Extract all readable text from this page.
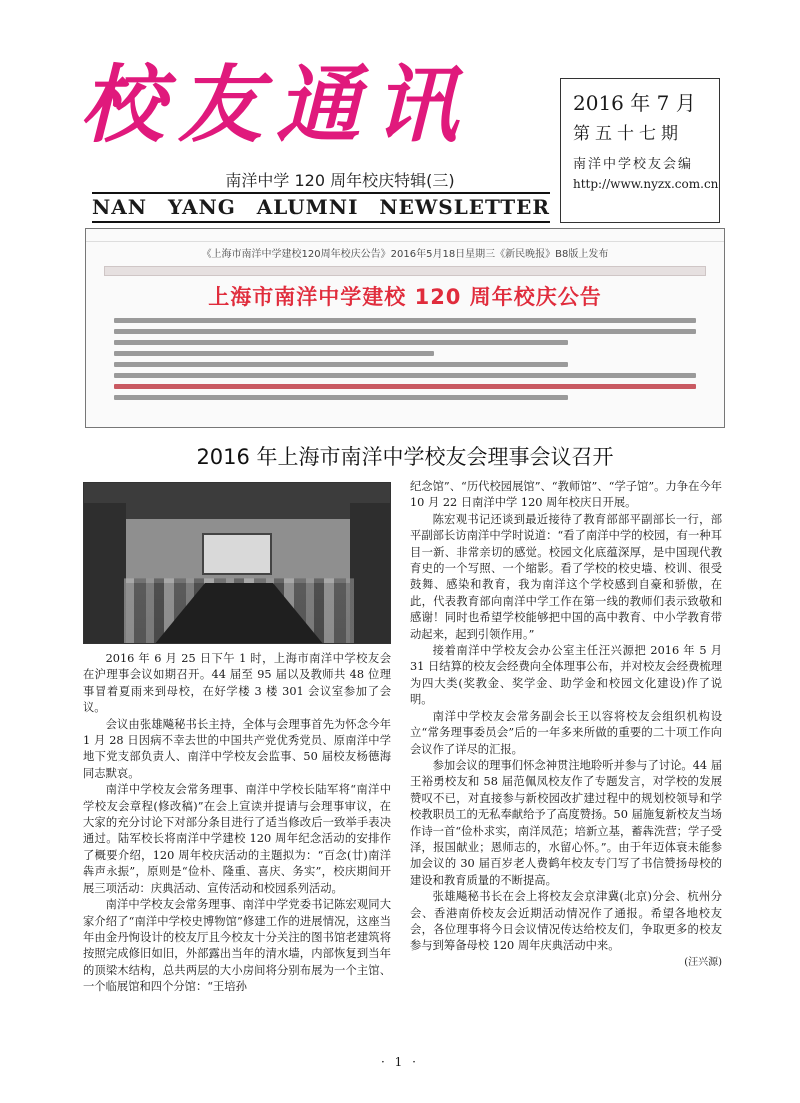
校友通讯
南洋中学 120 周年校庆特辑(三)
NAN YANG ALUMNI NEWSLETTER
2016 年 7 月
第五十七期
南洋中学校友会编
http://www.nyzx.com.cn
《上海市南洋中学建校120周年校庆公告》2016年5月18日星期三《新民晚报》B8版上发布
上海市南洋中学建校 120 周年校庆公告
2016 年上海市南洋中学校友会理事会议召开

2016 年 6 月 25 日下午 1 时，上海市南洋中学校友会在沪理事会议如期召开。44 届至 95 届以及教师共 48 位理事冒着夏雨来到母校，在好学楼 3 楼 301 会议室参加了会议。

会议由张雄飚秘书长主持，全体与会理事首先为怀念今年 1 月 28 日因病不幸去世的中国共产党优秀党员、原南洋中学地下党支部负责人、南洋中学校友会监事、50 届校友杨德海同志默哀。

南洋中学校友会常务理事、南洋中学校长陆军将“南洋中学校友会章程(修改稿)”在会上宣读并提请与会理事审议，在大家的充分讨论下对部分条目进行了适当修改后一致举手表决通过。陆军校长将南洋中学建校 120 周年纪念活动的安排作了概要介绍，120 周年校庆活动的主题拟为：“百念(廿)南洋 犇声永振”，原则是“俭朴、隆重、喜庆、务实”，校庆期间开展三项活动：庆典活动、宣传活动和校园系列活动。

南洋中学校友会常务理事、南洋中学党委书记陈宏观同大家介绍了“南洋中学校史博物馆”修建工作的进展情况，这座当年由金丹恂设计的校友厅且今校友十分关注的图书馆老建筑将按照完成修旧如旧，外部露出当年的清水墙，内部恢复到当年的顶梁木结构，总共两层的大小房间将分别布展为一个主馆、一个临展馆和四个分馆：“王培孙

纪念馆”、“历代校园展馆”、“教师馆”、“学子馆”。力争在今年 10 月 22 日南洋中学 120 周年校庆日开展。

陈宏观书记还谈到最近接待了教育部部平副部长一行，部平副部长访南洋中学时说道：“看了南洋中学的校园，有一种耳目一新、非常亲切的感觉。校园文化底蕴深厚，是中国现代教育史的一个写照、一个缩影。看了学校的校史墙、校训、很受鼓舞、感染和教育，我为南洋这个学校感到自豪和骄傲，在此，代表教育部向南洋中学工作在第一线的教师们表示致敬和感谢！同时也希望学校能够把中国的高中教育、中小学教育带动起来，起到引领作用。”

接着南洋中学校友会办公室主任汪兴源把 2016 年 5 月 31 日结算的校友会经费向全体理事公布，并对校友会经费梳理为四大类(奖教金、奖学金、助学金和校园文化建设)作了说明。

南洋中学校友会常务副会长王以容将校友会组织机构设立“常务理事委员会”后的一年多来所做的重要的二十项工作向会议作了详尽的汇报。

参加会议的理事们怀念神贯注地聆听并参与了讨论。44 届王裕勇校友和 58 届范佩凤校友作了专题发言，对学校的发展赞叹不已，对直接参与新校园改扩建过程中的规划校领导和学校教职员工的无私奉献给予了高度赞扬。50 届施复新校友当场作诗一首“俭朴求实，南洋凤范；培新立基，蓄犇洗营；学子受泽，报国献业；恩师志的，水留心怀。”。由于年迈体衰未能参加会议的 30 届百岁老人费鹤年校友专门写了书信赞扬母校的建设和教育质量的不断提高。

张雄飚秘书长在会上将校友会京津冀(北京)分会、杭州分会、香港南侨校友会近期活动情况作了通报。希望各地校友会，各位理事将今日会议情况传达给校友们，争取更多的校友参与到筹备母校 120 周年庆典活动中来。

(汪兴源)

· 1 ·
